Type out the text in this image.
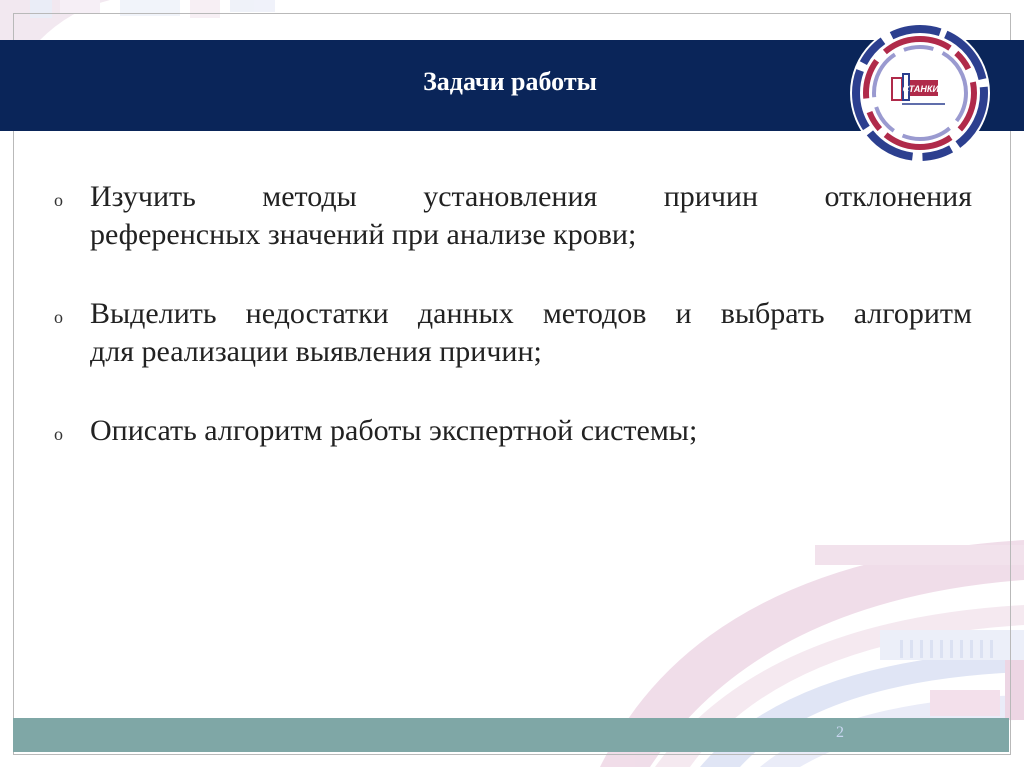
Задачи работы	СТАНКИН
o Изучить методы установления причин отклонения
референсных значений при анализе крови;
o Выделить недостатки данных методов и выбрать алгоритм
для реализации выявления причин;
o Описать алгоритм работы экспертной системы;
2
